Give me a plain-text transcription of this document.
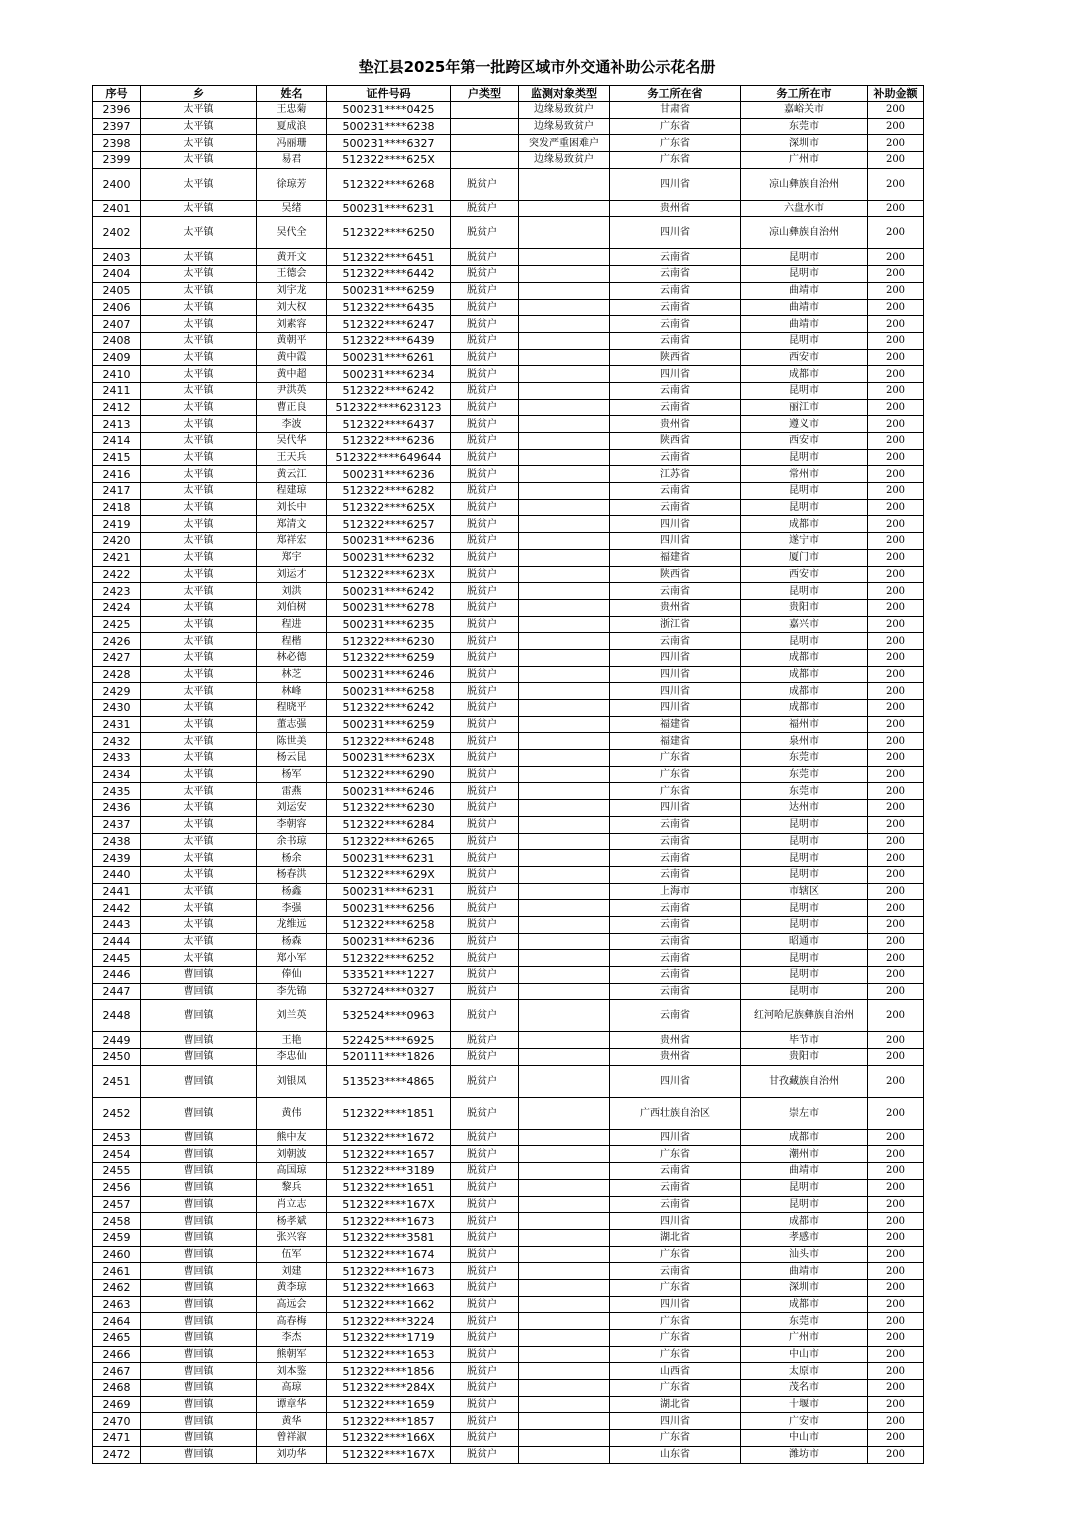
垫江县2025年第一批跨区域市外交通补助公示花名册
序号	乡	姓名	证件号码	户类型	监测对象类型	务工所在省	务工所在市	补助金额
2396	太平镇	王忠菊	500231****0425		边缘易致贫户	甘肃省	嘉峪关市	200
2397	太平镇	夏成浪	500231****6238		边缘易致贫户	广东省	东莞市	200
2398	太平镇	冯丽珊	500231****6327		突发严重困难户	广东省	深圳市	200
2399	太平镇	易君	512322****625X		边缘易致贫户	广东省	广州市	200
2400	太平镇	徐琼芳	512322****6268	脱贫户		四川省	凉山彝族自治州	200
2401	太平镇	吴绪	500231****6231	脱贫户		贵州省	六盘水市	200
2402	太平镇	吴代全	512322****6250	脱贫户		四川省	凉山彝族自治州	200
2403	太平镇	黄开文	512322****6451	脱贫户		云南省	昆明市	200
2404	太平镇	王德会	512322****6442	脱贫户		云南省	昆明市	200
2405	太平镇	刘宇龙	500231****6259	脱贫户		云南省	曲靖市	200
2406	太平镇	刘大权	512322****6435	脱贫户		云南省	曲靖市	200
2407	太平镇	刘素容	512322****6247	脱贫户		云南省	曲靖市	200
2408	太平镇	黄朝平	512322****6439	脱贫户		云南省	昆明市	200
2409	太平镇	黄中霞	500231****6261	脱贫户		陕西省	西安市	200
2410	太平镇	黄中超	500231****6234	脱贫户		四川省	成都市	200
2411	太平镇	尹洪英	512322****6242	脱贫户		云南省	昆明市	200
2412	太平镇	曹正良	512322****623123	脱贫户		云南省	丽江市	200
2413	太平镇	李波	512322****6437	脱贫户		贵州省	遵义市	200
2414	太平镇	吴代华	512322****6236	脱贫户		陕西省	西安市	200
2415	太平镇	王天兵	512322****649644	脱贫户		云南省	昆明市	200
2416	太平镇	黄云江	500231****6236	脱贫户		江苏省	常州市	200
2417	太平镇	程建琼	512322****6282	脱贫户		云南省	昆明市	200
2418	太平镇	刘长中	512322****625X	脱贫户		云南省	昆明市	200
2419	太平镇	郑清文	512322****6257	脱贫户		四川省	成都市	200
2420	太平镇	郑祥宏	500231****6236	脱贫户		四川省	遂宁市	200
2421	太平镇	郑宇	500231****6232	脱贫户		福建省	厦门市	200
2422	太平镇	刘运才	512322****623X	脱贫户		陕西省	西安市	200
2423	太平镇	刘洪	500231****6242	脱贫户		云南省	昆明市	200
2424	太平镇	刘伯树	500231****6278	脱贫户		贵州省	贵阳市	200
2425	太平镇	程进	500231****6235	脱贫户		浙江省	嘉兴市	200
2426	太平镇	程楷	512322****6230	脱贫户		云南省	昆明市	200
2427	太平镇	林必德	512322****6259	脱贫户		四川省	成都市	200
2428	太平镇	林芝	500231****6246	脱贫户		四川省	成都市	200
2429	太平镇	林峰	500231****6258	脱贫户		四川省	成都市	200
2430	太平镇	程晓平	512322****6242	脱贫户		四川省	成都市	200
2431	太平镇	董志强	500231****6259	脱贫户		福建省	福州市	200
2432	太平镇	陈世美	512322****6248	脱贫户		福建省	泉州市	200
2433	太平镇	杨云昆	500231****623X	脱贫户		广东省	东莞市	200
2434	太平镇	杨军	512322****6290	脱贫户		广东省	东莞市	200
2435	太平镇	雷燕	500231****6246	脱贫户		广东省	东莞市	200
2436	太平镇	刘运安	512322****6230	脱贫户		四川省	达州市	200
2437	太平镇	李朝容	512322****6284	脱贫户		云南省	昆明市	200
2438	太平镇	余书琼	512322****6265	脱贫户		云南省	昆明市	200
2439	太平镇	杨余	500231****6231	脱贫户		云南省	昆明市	200
2440	太平镇	杨春洪	512322****629X	脱贫户		云南省	昆明市	200
2441	太平镇	杨鑫	500231****6231	脱贫户		上海市	市辖区	200
2442	太平镇	李强	500231****6256	脱贫户		云南省	昆明市	200
2443	太平镇	龙维远	512322****6258	脱贫户		云南省	昆明市	200
2444	太平镇	杨森	500231****6236	脱贫户		云南省	昭通市	200
2445	太平镇	郑小军	512322****6252	脱贫户		云南省	昆明市	200
2446	曹回镇	俸仙	533521****1227	脱贫户		云南省	昆明市	200
2447	曹回镇	李先锦	532724****0327	脱贫户		云南省	昆明市	200
2448	曹回镇	刘兰英	532524****0963	脱贫户		云南省	红河哈尼族彝族自治州	200
2449	曹回镇	王艳	522425****6925	脱贫户		贵州省	毕节市	200
2450	曹回镇	李忠仙	520111****1826	脱贫户		贵州省	贵阳市	200
2451	曹回镇	刘银凤	513523****4865	脱贫户		四川省	甘孜藏族自治州	200
2452	曹回镇	黄伟	512322****1851	脱贫户		广西壮族自治区	崇左市	200
2453	曹回镇	熊中友	512322****1672	脱贫户		四川省	成都市	200
2454	曹回镇	刘朝波	512322****1657	脱贫户		广东省	潮州市	200
2455	曹回镇	高国琼	512322****3189	脱贫户		云南省	曲靖市	200
2456	曹回镇	黎兵	512322****1651	脱贫户		云南省	昆明市	200
2457	曹回镇	肖立志	512322****167X	脱贫户		云南省	昆明市	200
2458	曹回镇	杨孝斌	512322****1673	脱贫户		四川省	成都市	200
2459	曹回镇	张兴容	512322****3581	脱贫户		湖北省	孝感市	200
2460	曹回镇	伍军	512322****1674	脱贫户		广东省	汕头市	200
2461	曹回镇	刘建	512322****1673	脱贫户		云南省	曲靖市	200
2462	曹回镇	黄李琼	512322****1663	脱贫户		广东省	深圳市	200
2463	曹回镇	高远会	512322****1662	脱贫户		四川省	成都市	200
2464	曹回镇	高春梅	512322****3224	脱贫户		广东省	东莞市	200
2465	曹回镇	李杰	512322****1719	脱贫户		广东省	广州市	200
2466	曹回镇	熊朝军	512322****1653	脱贫户		广东省	中山市	200
2467	曹回镇	刘本鉴	512322****1856	脱贫户		山西省	太原市	200
2468	曹回镇	高琼	512322****284X	脱贫户		广东省	茂名市	200
2469	曹回镇	谭章华	512322****1659	脱贫户		湖北省	十堰市	200
2470	曹回镇	黄华	512322****1857	脱贫户		四川省	广安市	200
2471	曹回镇	曾祥淑	512322****166X	脱贫户		广东省	中山市	200
2472	曹回镇	刘功华	512322****167X	脱贫户		山东省	潍坊市	200
